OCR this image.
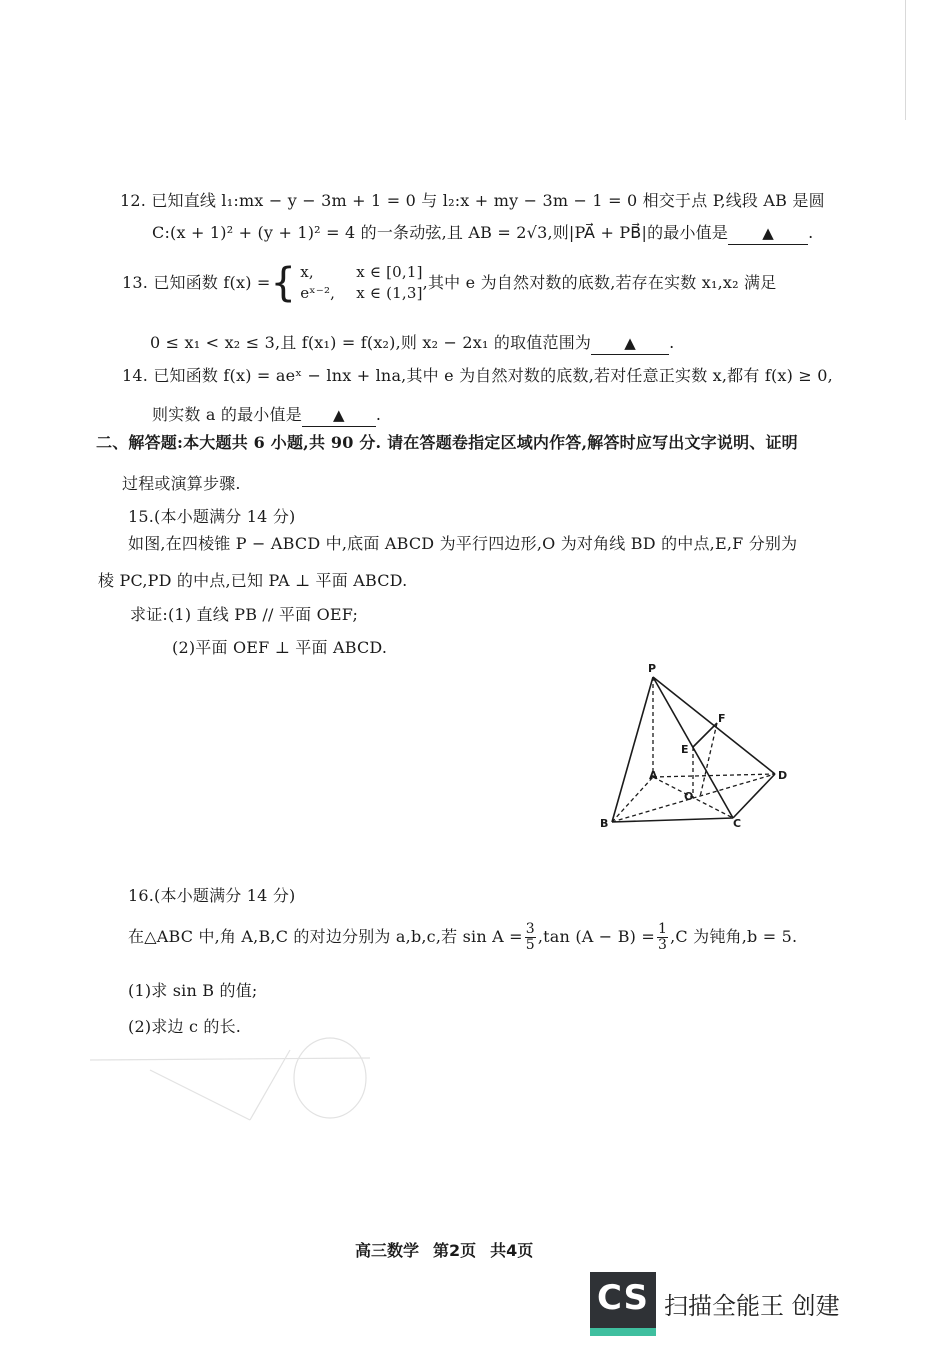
12. 已知直线 l₁:mx − y − 3m + 1 = 0 与 l₂:x + my − 3m − 1 = 0 相交于点 P,线段 AB 是圆
C:(x + 1)² + (y + 1)² = 4 的一条动弦,且 AB = 2√3,则|PA⃗ + PB⃗|的最小值是 ▲ .
13. 已知函数 f(x) ={ x,	x ∈ [0,1]
eˣ⁻², x ∈ (1,3]
,其中 e 为自然对数的底数,若存在实数 x₁,x₂ 满足
0 ≤ x₁ < x₂ ≤ 3,且 f(x₁) = f(x₂),则 x₂ − 2x₁ 的取值范围为 ▲ .
14. 已知函数 f(x) = aeˣ − lnx + lna,其中 e 为自然对数的底数,若对任意正实数 x,都有 f(x) ≥ 0,
则实数 a 的最小值是 ▲ .
二、解答题:本大题共 6 小题,共 90 分. 请在答题卷指定区域内作答,解答时应写出文字说明、证明
过程或演算步骤.
15.(本小题满分 14 分)
如图,在四棱锥 P − ABCD 中,底面 ABCD 为平行四边形,O 为对角线 BD 的中点,E,F 分别为
棱 PC,PD 的中点,已知 PA ⊥ 平面 ABCD.
求证:(1) 直线 PB // 平面 OEF;
(2)平面 OEF ⊥ 平面 ABCD.
P
F
E
A
O
D
B	C
16.(本小题满分 14 分)
在△ABC 中,角 A,B,C 的对边分别为 a,b,c,若 $\sin A = \frac{3}{5} ,\tan$ $(A - B) = \frac{1}{3} ,C$ 为钝角,b = 5.
(1)求 sin B 的值;
(2)求边 c 的长.
高三数学 第2页 共4页
CS 扫描全能王 创建
